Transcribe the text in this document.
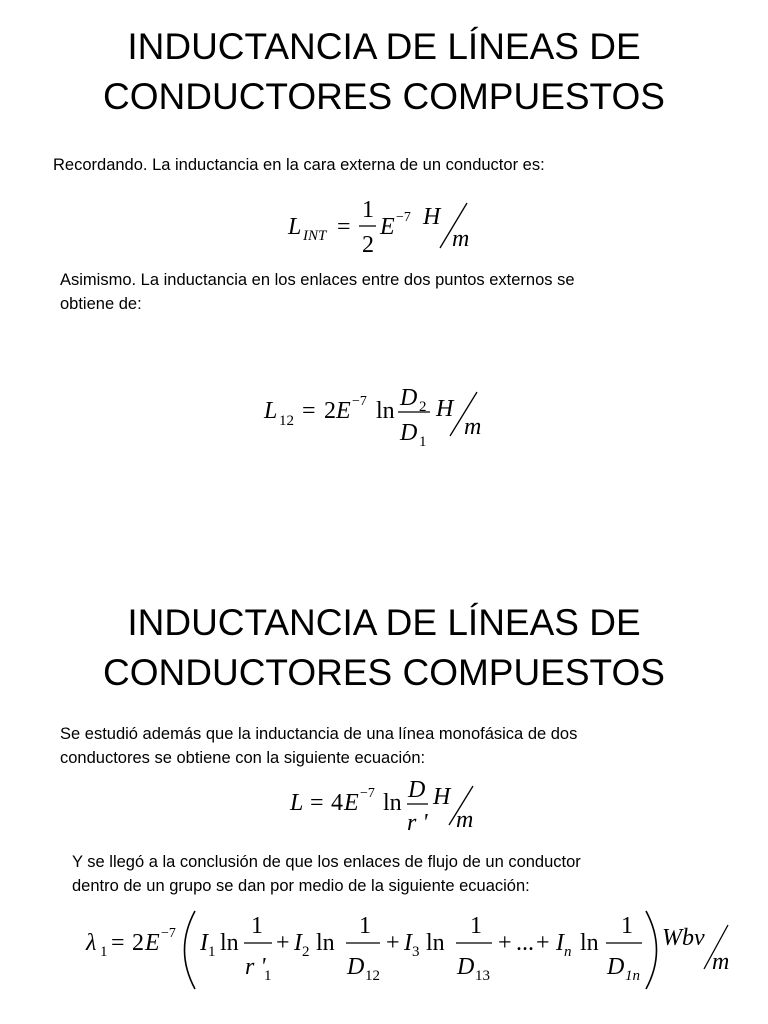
INDUCTANCIA DE LÍNEAS DE
CONDUCTORES COMPUESTOS

Recordando. La inductancia en la cara externa de un conductor es:

L INT =
1
2
E −7 H
m

Asimismo. La inductancia en los enlaces entre dos puntos externos se

obtiene de:

L 12 = 2 E −7 ln D 2
D 1
H
m
INDUCTANCIA DE LÍNEAS DE
CONDUCTORES COMPUESTOS

Se estudió además que la inductancia de una línea monofásica de dos

conductores se obtiene con la siguiente ecuación:

L = 4 E −7 ln D
r '
H
m

Y se llegó a la conclusión de que los enlaces de flujo de un conductor

dentro de un grupo se dan por medio de la siguiente ecuación:

λ 1 = 2 E −7 I 1 ln
1
r '
1
+ I 2 ln
1
D 12
+ I 3 ln
1
D 13
+ ... + I n ln
1
D 1n
Wbv
m
